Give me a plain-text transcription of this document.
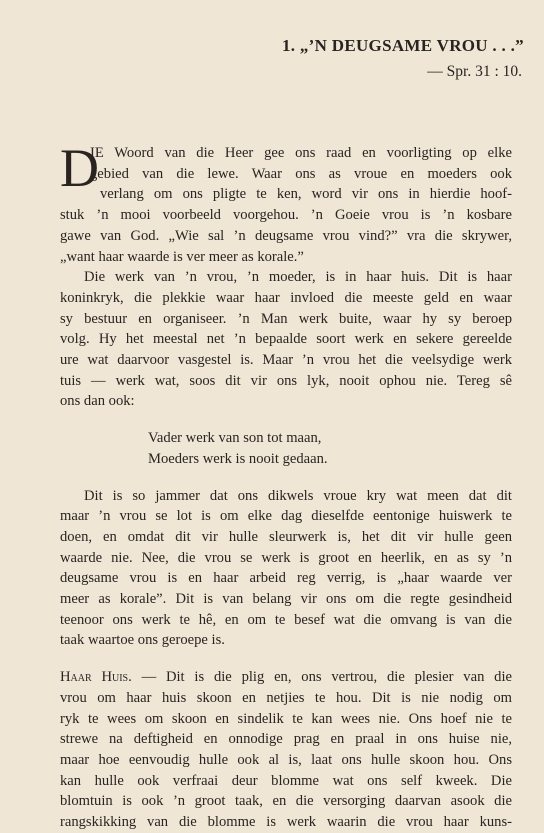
1. „’N DEUGSAME VROU . . .”
— Spr. 31 : 10.
D
IE Woord van die Heer gee ons raad en voorligting op elke
gebied van die lewe. Waar ons as vroue en moeders ook
verlang om ons pligte te ken, word vir ons in hierdie hoof-
stuk ’n mooi voorbeeld voorgehou. ’n Goeie vrou is ’n kosbare
gawe van God. „Wie sal ’n deugsame vrou vind?” vra die skrywer,
„want haar waarde is ver meer as korale.”
Die werk van ’n vrou, ’n moeder, is in haar huis. Dit is haar
koninkryk, die plekkie waar haar invloed die meeste geld en waar
sy bestuur en organiseer. ’n Man werk buite, waar hy sy beroep
volg. Hy het meestal net ’n bepaalde soort werk en sekere gereelde
ure wat daarvoor vasgestel is. Maar ’n vrou het die veelsydige werk
tuis — werk wat, soos dit vir ons lyk, nooit ophou nie. Tereg sê
ons dan ook:
Vader werk van son tot maan,
Moeders werk is nooit gedaan.
Dit is so jammer dat ons dikwels vroue kry wat meen dat dit
maar ’n vrou se lot is om elke dag dieselfde eentonige huiswerk te
doen, en omdat dit vir hulle sleurwerk is, het dit vir hulle geen
waarde nie. Nee, die vrou se werk is groot en heerlik, en as sy ’n
deugsame vrou is en haar arbeid reg verrig, is „haar waarde ver
meer as korale”. Dit is van belang vir ons om die regte gesindheid
teenoor ons werk te hê, en om te besef wat die omvang is van die
taak waartoe ons geroepe is.
Haar Huis. — Dit is die plig en, ons vertrou, die plesier van die
vrou om haar huis skoon en netjies te hou. Dit is nie nodig om
ryk te wees om skoon en sindelik te kan wees nie. Ons hoef nie te
strewe na deftigheid en onnodige prag en praal in ons huise nie,
maar hoe eenvoudig hulle ook al is, laat ons hulle skoon hou. Ons
kan hulle ook verfraai deur blomme wat ons self kweek. Die
blomtuin is ook ’n groot taak, en die versorging daarvan asook die
rangskikking van die blomme is werk waarin die vrou haar kuns-
